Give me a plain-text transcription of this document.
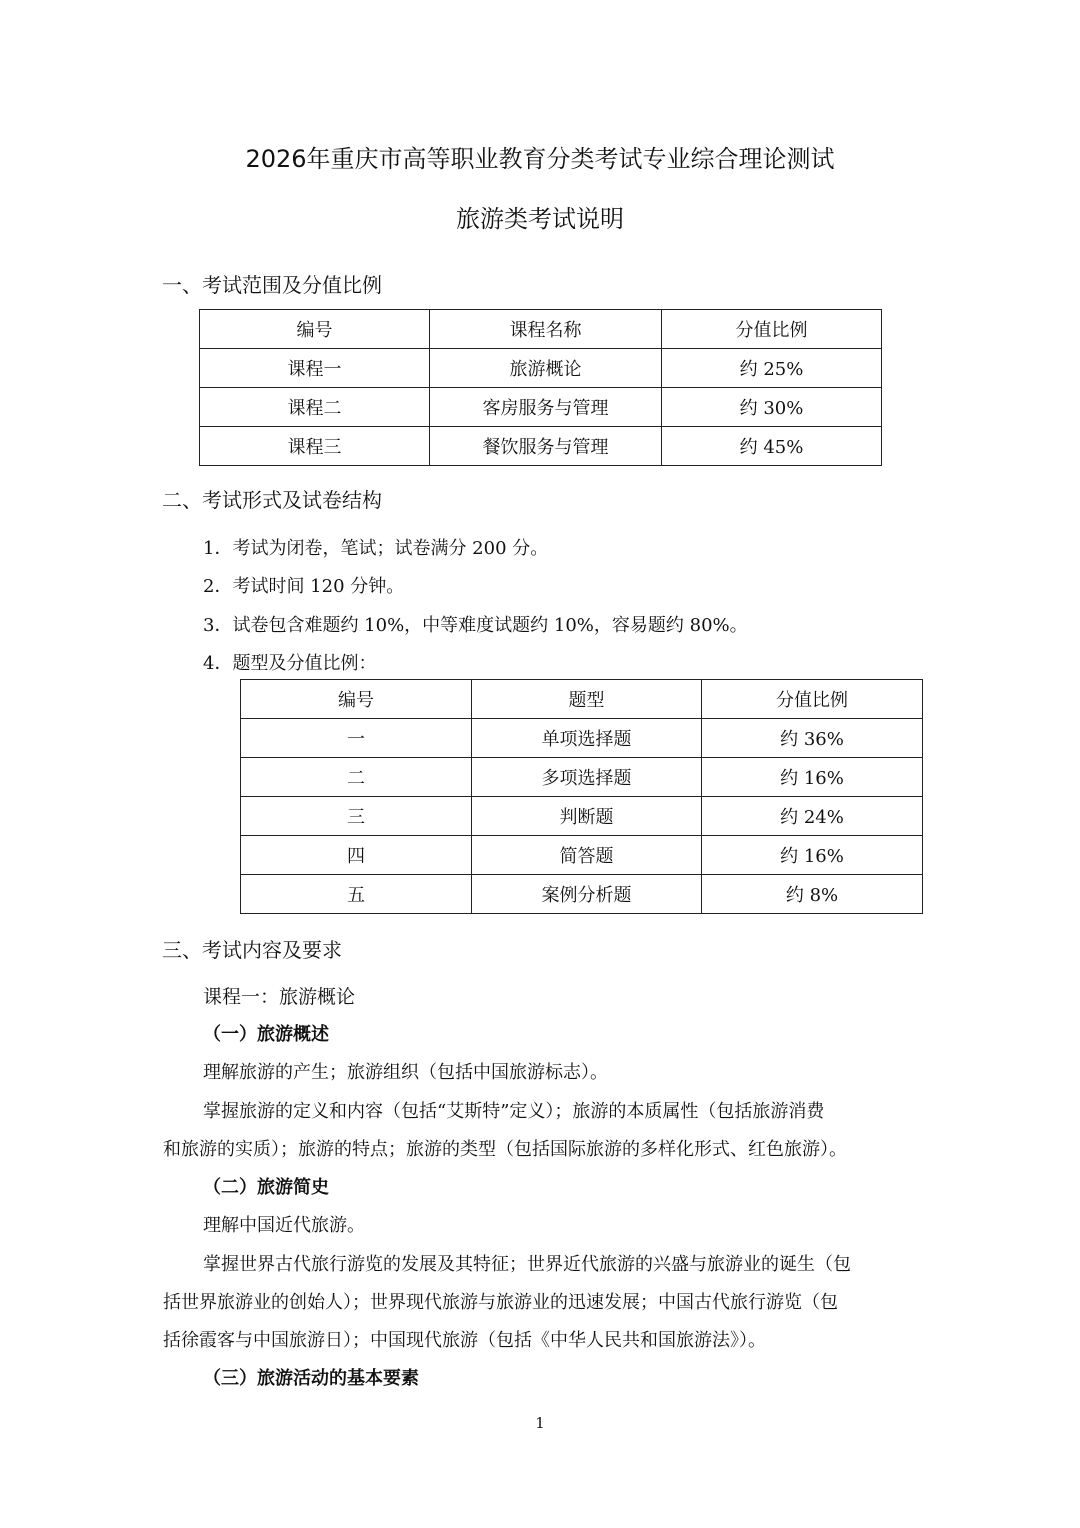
2026年重庆市高等职业教育分类考试专业综合理论测试
旅游类考试说明
一、考试范围及分值比例
编号	课程名称	分值比例
课程一	旅游概论	约 25%
课程二	客房服务与管理	约 30%
课程三	餐饮服务与管理	约 45%
二、考试形式及试卷结构
1．考试为闭卷，笔试；试卷满分 200 分。
2．考试时间 120 分钟。
3．试卷包含难题约 10%，中等难度试题约 10%，容易题约 80%。
4．题型及分值比例：
编号	题型	分值比例
一	单项选择题	约 36%
二	多项选择题	约 16%
三	判断题	约 24%
四	简答题	约 16%
五	案例分析题	约 8%
三、考试内容及要求
课程一：旅游概论
（一）旅游概述
理解旅游的产生；旅游组织（包括中国旅游标志）。
掌握旅游的定义和内容（包括“艾斯特”定义）；旅游的本质属性（包括旅游消费
和旅游的实质）；旅游的特点；旅游的类型（包括国际旅游的多样化形式、红色旅游）。
（二）旅游简史
理解中国近代旅游。
掌握世界古代旅行游览的发展及其特征；世界近代旅游的兴盛与旅游业的诞生（包
括世界旅游业的创始人）；世界现代旅游与旅游业的迅速发展；中国古代旅行游览（包
括徐霞客与中国旅游日）；中国现代旅游（包括《中华人民共和国旅游法》）。
（三）旅游活动的基本要素
1
